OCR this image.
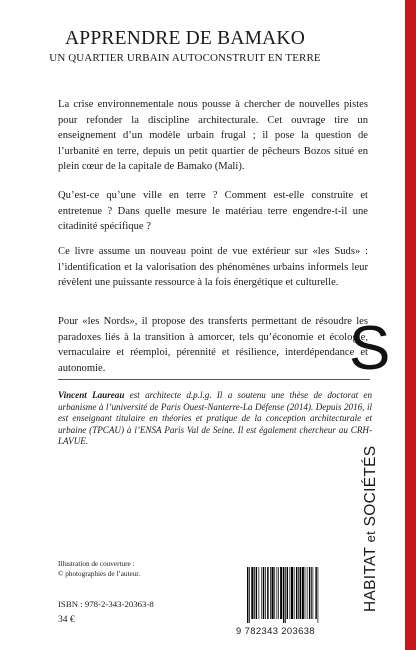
APPRENDRE DE BAMAKO
UN QUARTIER URBAIN AUTOCONSTRUIT EN TERRE

La crise environnementale nous pousse à chercher de nouvelles pistes pour refonder la discipline architecturale. Cet ouvrage tire un enseignement d’un modèle urbain frugal ; il pose la question de l’urbanité en terre, depuis un petit quartier de pêcheurs Bozos situé en plein cœur de la capitale de Bamako (Mali).

Qu’est-ce qu’une ville en terre ? Comment est-elle construite et entretenue ? Dans quelle mesure le matériau terre engendre-t-il une citadinité spécifique ?

Ce livre assume un nouveau point de vue extérieur sur «les Suds» : l’identification et la valorisation des phénomènes urbains informels leur révèlent une puissante ressource à la fois énergétique et culturelle.

Pour «les Nords», il propose des transferts permettant de résoudre les paradoxes liés à la transition à amorcer, tels qu’économie et écologie, vernaculaire et réemploi, pérennité et résilience, interdépendance et autonomie.

Vincent Laureau est architecte d.p.l.g. Il a soutenu une thèse de doctorat en urbanisme à l’université de Paris Ouest-Nanterre-La Défense (2014). Depuis 2016, il est enseignant titulaire en théories et pratique de la conception architecturale et urbaine (TPCAU) à l’ENSA Paris Val de Seine. Il est également chercheur au CRH-LAVUE.

S
HABITAT et SOCIÉTÉS

Illustration de couverture :
© photographies de l’auteur.

ISBN : 978-2-343-20363-8
34 €
9 782343 203638
